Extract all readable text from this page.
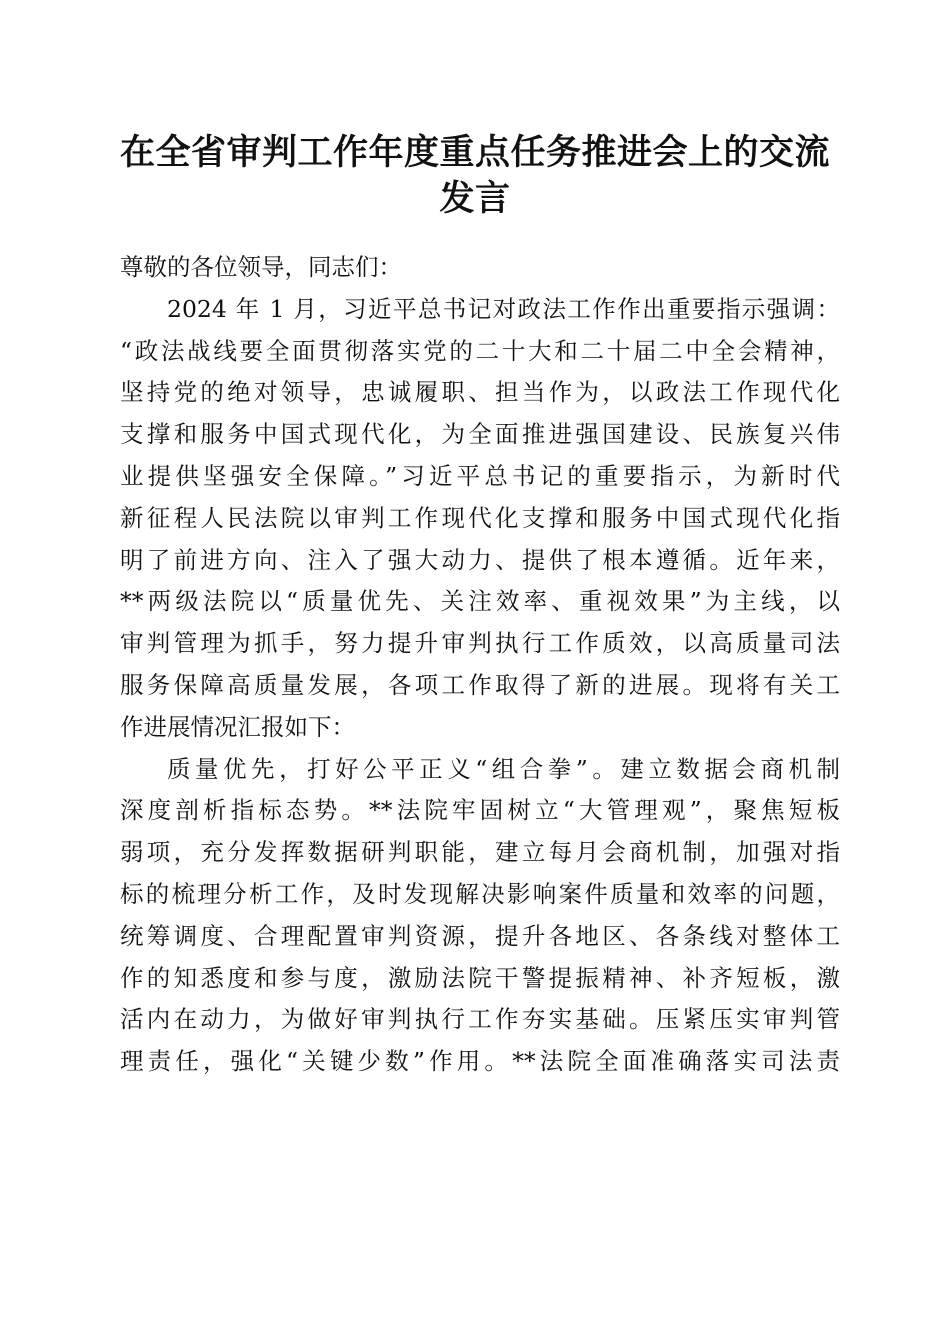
在全省审判工作年度重点任务推进会上的交流
发言
尊敬的各位领导，同志们：
2024 年 1 月，习近平总书记对政法工作作出重要指示强调：
“政法战线要全面贯彻落实党的二十大和二十届二中全会精神，
坚持党的绝对领导，忠诚履职、担当作为，以政法工作现代化
支撑和服务中国式现代化，为全面推进强国建设、民族复兴伟
业提供坚强安全保障。”习近平总书记的重要指示，为新时代
新征程人民法院以审判工作现代化支撑和服务中国式现代化指
明了前进方向、注入了强大动力、提供了根本遵循。近年来，
**两级法院以“质量优先、关注效率、重视效果”为主线，以
审判管理为抓手，努力提升审判执行工作质效，以高质量司法
服务保障高质量发展，各项工作取得了新的进展。现将有关工
作进展情况汇报如下：
质量优先，打好公平正义“组合拳”。建立数据会商机制
深度剖析指标态势。**法院牢固树立“大管理观”，聚焦短板
弱项，充分发挥数据研判职能，建立每月会商机制，加强对指
标的梳理分析工作，及时发现解决影响案件质量和效率的问题，
统筹调度、合理配置审判资源，提升各地区、各条线对整体工
作的知悉度和参与度，激励法院干警提振精神、补齐短板，激
活内在动力，为做好审判执行工作夯实基础。压紧压实审判管
理责任，强化“关键少数”作用。**法院全面准确落实司法责
